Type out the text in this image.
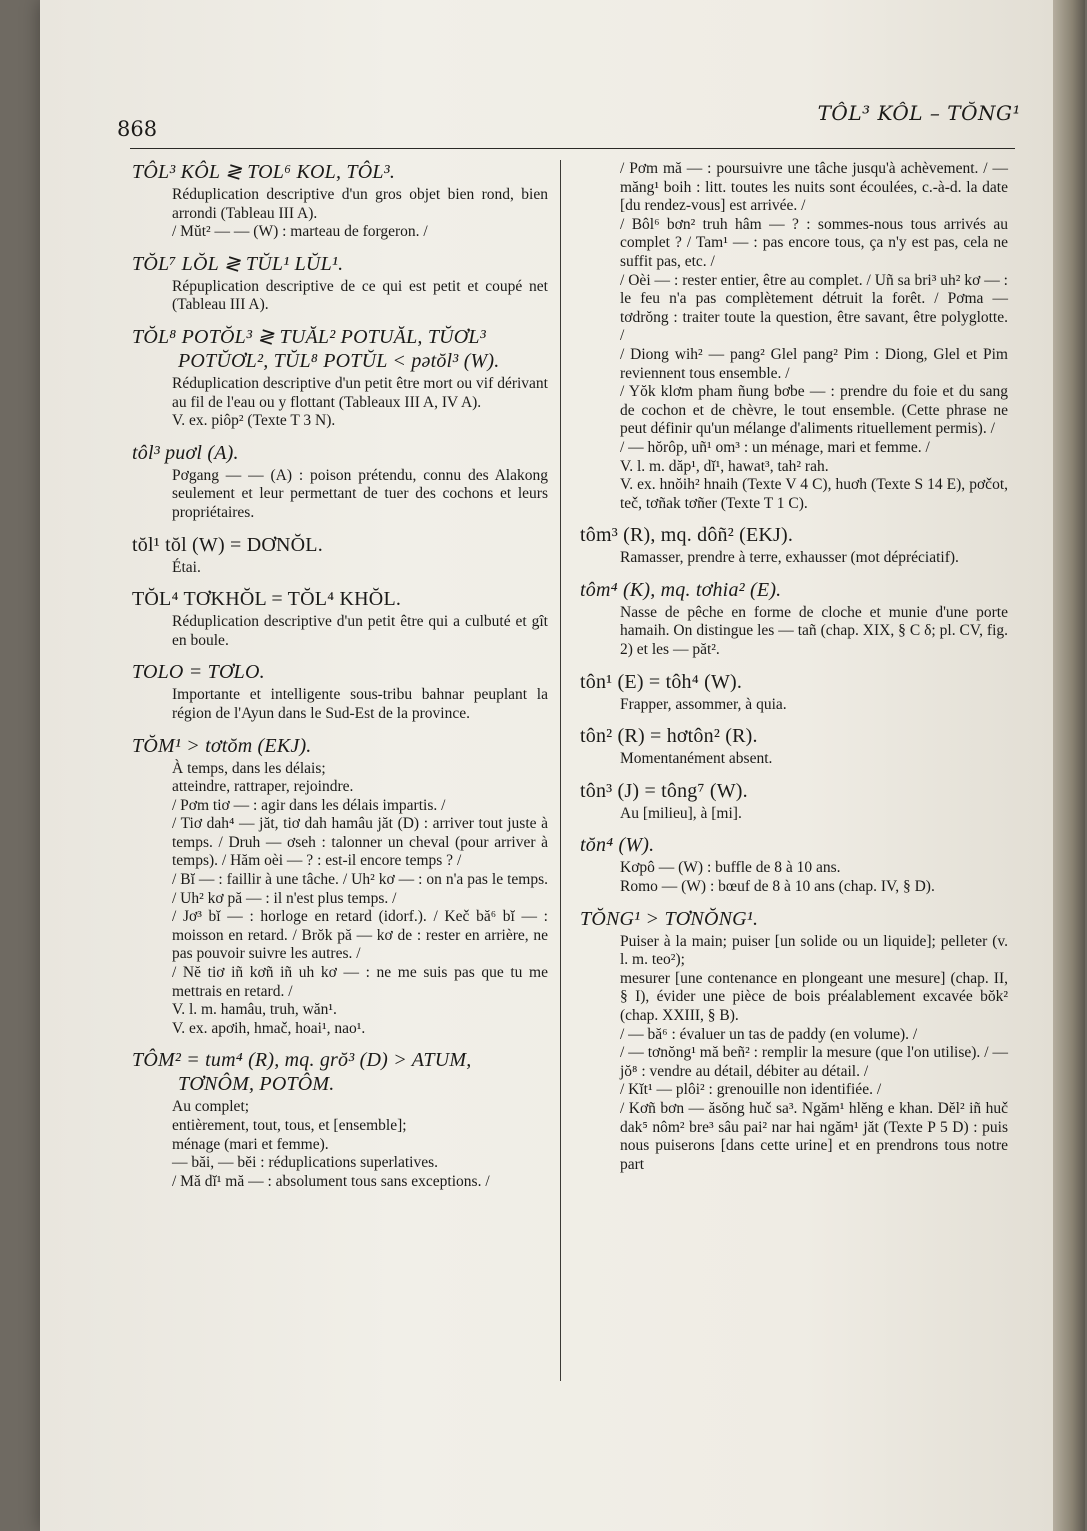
868
TÔL³ KÔL – TŎNG¹
TÔL³ KÔL ≷ TOL⁶ KOL, TÔL³.

Réduplication descriptive d'un gros objet bien rond, bien arrondi (Tableau III A).

/ Mŭt² — — (W) : marteau de forgeron. /

TŎL⁷ LŎL ≷ TŬL¹ LŬL¹.

Répuplication descriptive de ce qui est petit et coupé net (Tableau III A).

TŎL⁸ POTŎL³ ≷ TUĂL² POTUĂL, TŬƠL³ POTŬƠL², TŬL⁸ POTŬL < pətŏl³ (W).

Réduplication descriptive d'un petit être mort ou vif dérivant au fil de l'eau ou y flottant (Tableaux III A, IV A).

V. ex. piôp² (Texte T 3 N).

tôl³ puơl (A).

Pơgang — — (A) : poison prétendu, connu des Alakong seulement et leur permettant de tuer des cochons et leurs propriétaires.

tŏl¹ tŏl (W) = DƠNŎL.

Étai.

TŎL⁴ TƠKHŎL = TŎL⁴ KHŎL.

Réduplication descriptive d'un petit être qui a culbuté et gît en boule.

TOLO = TƠLO.

Importante et intelligente sous-tribu bahnar peuplant la région de l'Ayun dans le Sud-Est de la province.

TŎM¹ > tơtŏm (EKJ).

À temps, dans les délais;

atteindre, rattraper, rejoindre.

/ Pơm tiơ — : agir dans les délais impartis. /

/ Tiơ dah⁴ — jăt, tiơ dah hamâu jăt (D) : arriver tout juste à temps. / Druh — ơseh : talonner un cheval (pour arriver à temps). / Hăm oèi — ? : est-il encore temps ? /

/ Bĭ — : faillir à une tâche. / Uh² kơ — : on n'a pas le temps. / Uh² kơ pă — : il n'est plus temps. /

/ Jơ³ bĭ — : horloge en retard (idorf.). / Keč bă⁶ bĭ — : moisson en retard. / Brŏk pă — kơ de : rester en arrière, ne pas pouvoir suivre les autres. /

/ Nĕ tiơ iñ kơñ iñ uh kơ — : ne me suis pas que tu me mettrais en retard. /

V. l. m. hamâu, truh, wăn¹.

V. ex. apơih, hmač, hoai¹, nao¹.

TÔM² = tum⁴ (R), mq. grŏ³ (D) > ATUM, TƠNÔM, POTÔM.

Au complet;

entièrement, tout, tous, et [ensemble];

ménage (mari et femme).

— băi, — bĕi : réduplications superlatives.

/ Mă dĭ¹ mă — : absolument tous sans exceptions. /

/ Pơm mă — : poursuivre une tâche jusqu'à achèvement. / — măng¹ boih : litt. toutes les nuits sont écoulées, c.-à-d. la date [du rendez-vous] est arrivée. /

/ Bôl⁶ bơn² truh hâm — ? : sommes-nous tous arrivés au complet ? / Tam¹ — : pas encore tous, ça n'y est pas, cela ne suffit pas, etc. /

/ Oèi — : rester entier, être au complet. / Uñ sa bri³ uh² kơ — : le feu n'a pas complètement détruit la forêt. / Pơma — tơdrŏng : traiter toute la question, être savant, être polyglotte. /

/ Diong wih² — pang² Glel pang² Pim : Diong, Glel et Pim reviennent tous ensemble. /

/ Yŏk klơm pham ñung bơbe — : prendre du foie et du sang de cochon et de chèvre, le tout ensemble. (Cette phrase ne peut définir qu'un mélange d'aliments rituellement permis). /

/ — hŏrôp, uñ¹ om³ : un ménage, mari et femme. /

V. l. m. dăp¹, dĭ¹, hawat³, tah² rah.

V. ex. hnŏih² hnaih (Texte V 4 C), huơh (Texte S 14 E), pơčot, teč, tơñak tơñer (Texte T 1 C).

tôm³ (R), mq. dôñ² (EKJ).

Ramasser, prendre à terre, exhausser (mot dépréciatif).

tôm⁴ (K), mq. tơhia² (E).

Nasse de pêche en forme de cloche et munie d'une porte hamaih. On distingue les — tañ (chap. XIX, § C δ; pl. CV, fig. 2) et les — păt².

tôn¹ (E) = tôh⁴ (W).

Frapper, assommer, à quia.

tôn² (R) = hơtôn² (R).

Momentanément absent.

tôn³ (J) = tông⁷ (W).

Au [milieu], à [mi].

tŏn⁴ (W).

Kơpô — (W) : buffle de 8 à 10 ans.

Romo — (W) : bœuf de 8 à 10 ans (chap. IV, § D).

TŎNG¹ > TƠNŎNG¹.

Puiser à la main; puiser [un solide ou un liquide]; pelleter (v. l. m. teo²);

mesurer [une contenance en plongeant une mesure] (chap. II, § I), évider une pièce de bois préalablement excavée bŏk² (chap. XXIII, § B).

/ — bă⁶ : évaluer un tas de paddy (en volume). /

/ — tơnŏng¹ mă beñ² : remplir la mesure (que l'on utilise). / — jŏ⁸ : vendre au détail, débiter au détail. /

/ Kĭt¹ — plôi² : grenouille non identifiée. /

/ Kơñ bơn — ăsŏng huč sa³. Ngăm¹ hlĕng e khan. Dĕl² iñ huč dak⁵ nôm² bre³ sâu pai² nar hai ngăm¹ jăt (Texte P 5 D) : puis nous puiserons [dans cette urine] et en prendrons tous notre part
